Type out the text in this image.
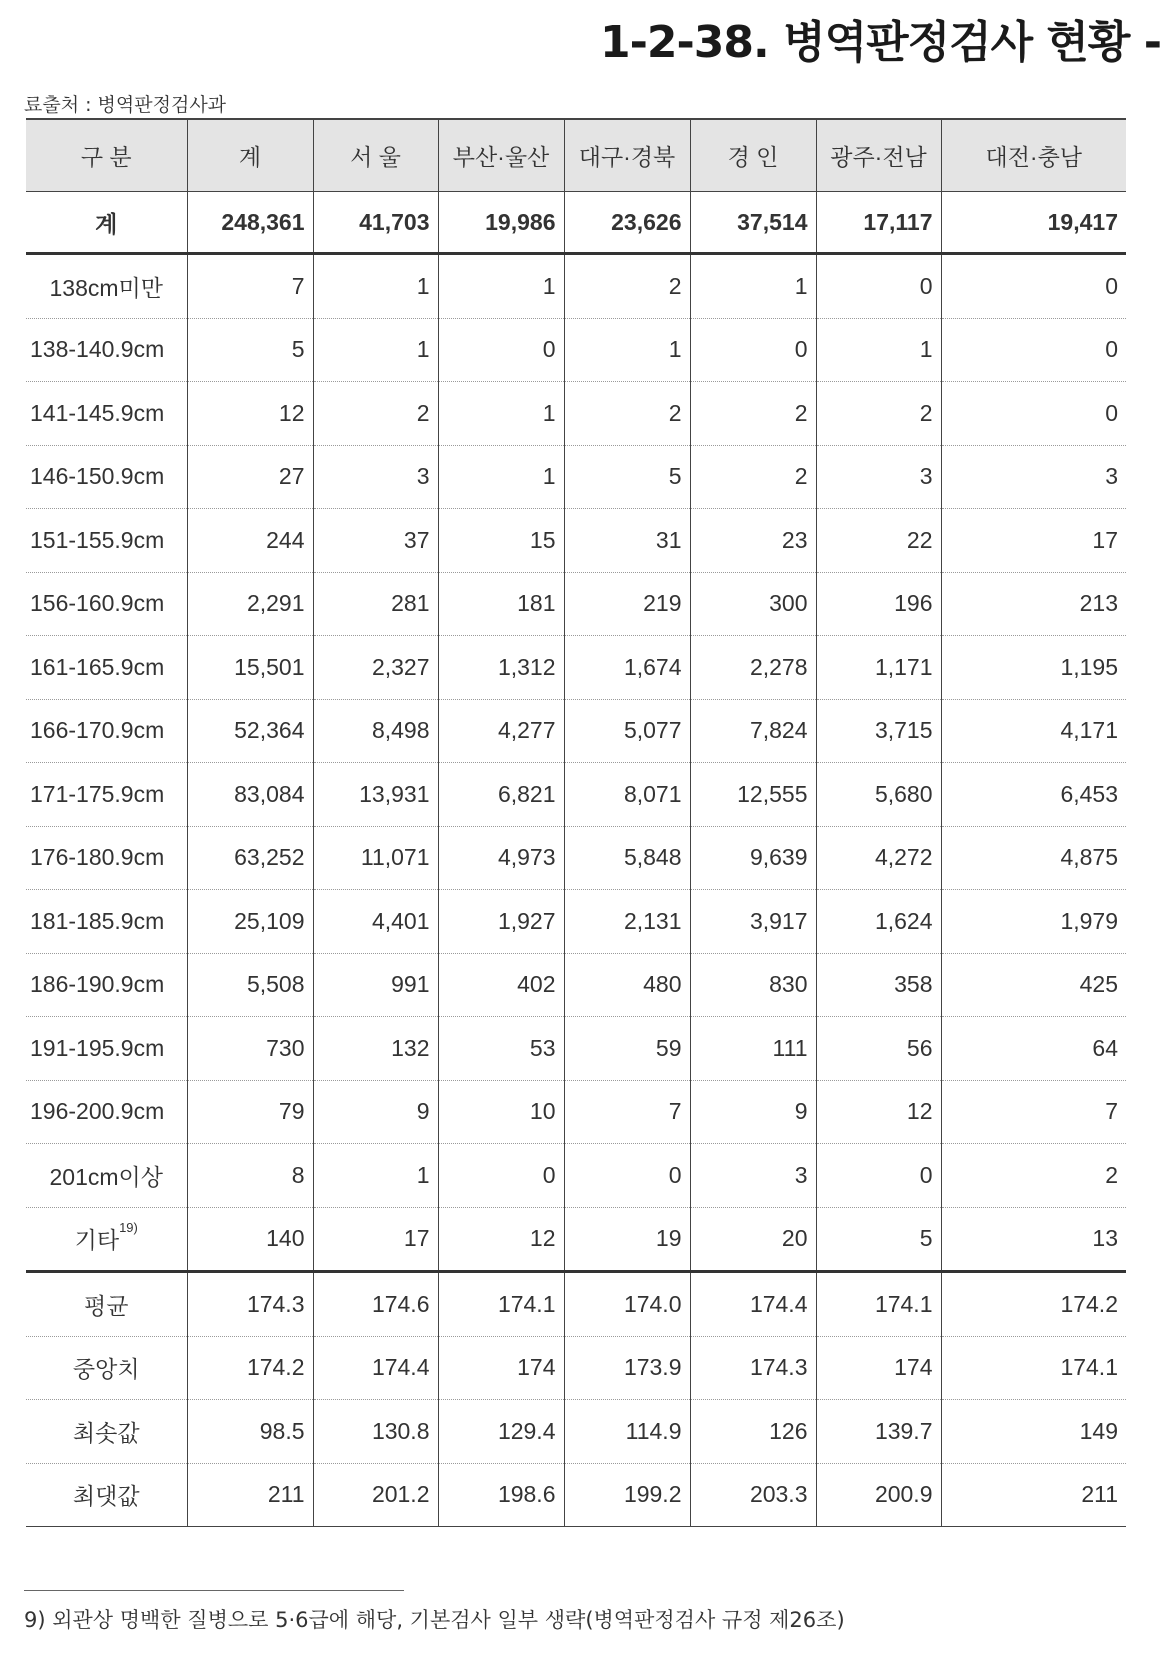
1-2-38. 병역판정검사 현황 -
료출처 : 병역판정검사과
구 분	계	서 울	부산·울산	대구·경북	경 인	광주·전남	대전·충남
계	248,361	41,703	19,986	23,626	37,514	17,117	19,417
138cm미만	7	1	1	2	1	0	0
138-140.9cm	5	1	0	1	0	1	0
141-145.9cm	12	2	1	2	2	2	0
146-150.9cm	27	3	1	5	2	3	3
151-155.9cm	244	37	15	31	23	22	17
156-160.9cm	2,291	281	181	219	300	196	213
161-165.9cm	15,501	2,327	1,312	1,674	2,278	1,171	1,195
166-170.9cm	52,364	8,498	4,277	5,077	7,824	3,715	4,171
171-175.9cm	83,084	13,931	6,821	8,071	12,555	5,680	6,453
176-180.9cm	63,252	11,071	4,973	5,848	9,639	4,272	4,875
181-185.9cm	25,109	4,401	1,927	2,131	3,917	1,624	1,979
186-190.9cm	5,508	991	402	480	830	358	425
191-195.9cm	730	132	53	59	111	56	64
196-200.9cm	79	9	10	7	9	12	7
201cm이상	8	1	0	0	3	0	2
기타$^{19)}$	140	17	12	19	20	5	13
평균	174.3	174.6	174.1	174.0	174.4	174.1	174.2
중앙치	174.2	174.4	174	173.9	174.3	174	174.1
최솟값	98.5	130.8	129.4	114.9	126	139.7	149
최댓값	211	201.2	198.6	199.2	203.3	200.9	211
9) 외관상 명백한 질병으로 5·6급에 해당, 기본검사 일부 생략(병역판정검사 규정 제26조)
